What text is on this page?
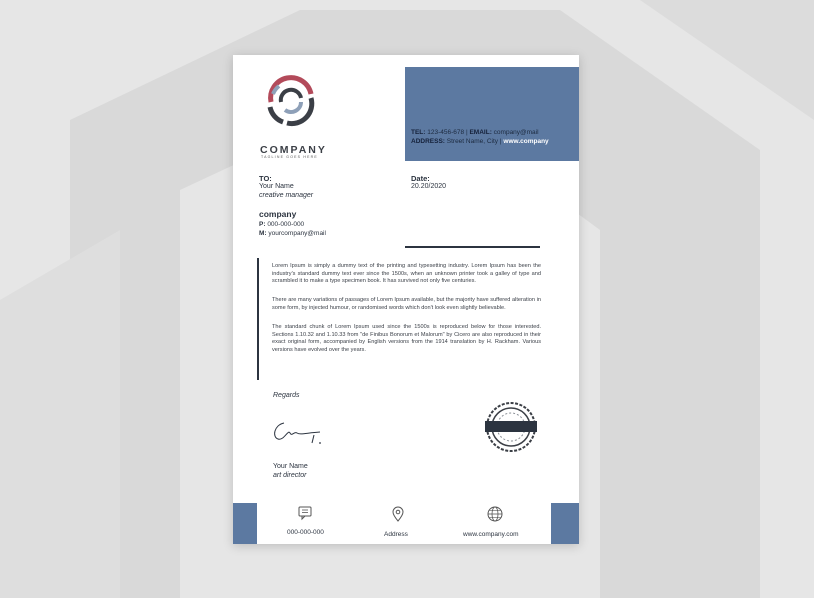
COMPANY
TAGLINE GOES HERE
TEL: 123-456-678 | EMAIL: company@mail
ADDRESS: Street Name, City | www.company
TO:
Your Name
creative manager
Date:
20.20/2020
company
P: 000-000-000
M: yourcompany@mail

Lorem Ipsum is simply a dummy text of the printing and typesetting industry. Lorem Ipsum has been the industry's standard dummy text ever since the 1500s, when an unknown printer took a galley of type and scrambled it to make a type specimen book. It has survived not only five centuries.

There are many variations of passages of Lorem Ipsum available, but the majority have suffered alteration in some form, by injected humour, or randomised words which don't look even slightly believable.

The standard chunk of Lorem Ipsum used since the 1500s is reproduced below for those interested. Sections 1.10.32 and 1.10.33 from "de Finibus Bonorum et Malorum" by Cicero are also reproduced in their exact original form, accompanied by English versions from the 1914 translation by H. Rackham. Various versions have evolved over the years.

Regards
Your Name
art director
000-000-000	Address	www.company.com
